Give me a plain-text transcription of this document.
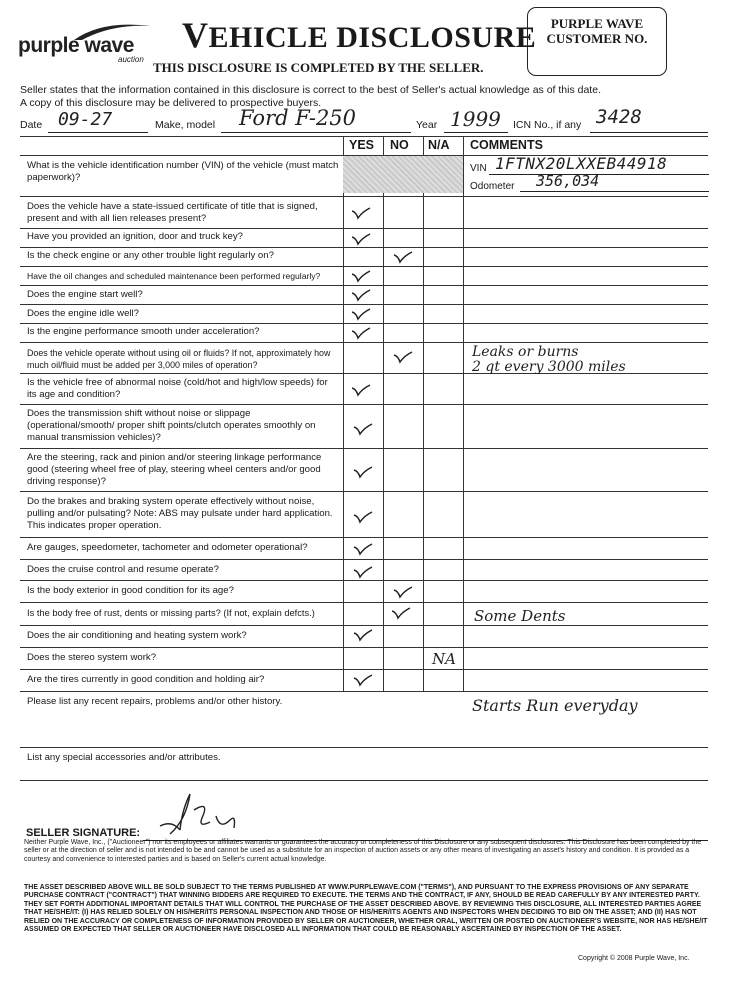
purple wave
auction
VEHICLE DISCLOSURE
THIS DISCLOSURE IS COMPLETED BY THE SELLER.
PURPLE WAVE
CUSTOMER NO.
Seller states that the information contained in this disclosure is correct to the best of Seller's actual knowledge as of this date.
A copy of this disclosure may be delivered to prospective buyers.
Date 09-27	Make, model Ford F-250	Year 1999 ICN No., if any 3428
YES NO N/A COMMENTS
VIN 1FTNX20LXXEB44918
Odometer 356,034
What is the vehicle identification number (VIN) of the vehicle (must match paperwork)?
Does the vehicle have a state-issued certificate of title that is signed, present and with all lien releases present?
Have you provided an ignition, door and truck key?
Is the check engine or any other trouble light regularly on?
Have the oil changes and scheduled maintenance been performed regularly?
Does the engine start well?
Does the engine idle well?
Is the engine performance smooth under acceleration?
Does the vehicle operate without using oil or fluids? If not, approximately how much oil/fluid must be added per 3,000 miles of operation?
Is the vehicle free of abnormal noise (cold/hot and high/low speeds) for its age and condition?
Does the transmission shift without noise or slippage (operational/smooth/ proper shift points/clutch operates smoothly on manual transmission vehicles)?
Are the steering, rack and pinion and/or steering linkage performance good (steering wheel free of play, steering wheel centers and/or good driving response)?
Do the brakes and braking system operate effectively without noise, pulling and/or pulsating? Note: ABS may pulsate under hard application. This indicates proper operation.
Are gauges, speedometer, tachometer and odometer operational?
Does the cruise control and resume operate?
Is the body exterior in good condition for its age?
Is the body free of rust, dents or missing parts? (If not, explain defcts.)
Does the air conditioning and heating system work?
Does the stereo system work?
Are the tires currently in good condition and holding air?
Please list any recent repairs, problems and/or other history.
List any special accessories and/or attributes.
Leaks or burns
2 qt every 3000 miles
Some Dents
Starts Run everyday
NA
SELLER SIGNATURE:
Neither Purple Wave, Inc., ("Auctioneer") nor its employees or affiliates warrants or guarantees the accuracy or completeness of this Disclosure or any subsequent disclosures. This Disclosure has been completed by the seller or at the direction of seller and is not intended to be and cannot be used as a substitute for an inspection of auction assets or any other means of investigating an asset's history and condition. It is provided as a courtesy and convenience to interested parties and is based on Seller's current actual knowledge.
THE ASSET DESCRIBED ABOVE WILL BE SOLD SUBJECT TO THE TERMS PUBLISHED AT WWW.PURPLEWAVE.COM ("TERMS"), AND PURSUANT TO THE EXPRESS PROVISIONS OF ANY SEPARATE PURCHASE CONTRACT ("CONTRACT") THAT WINNING BIDDERS ARE REQUIRED TO EXECUTE. THE TERMS AND THE CONTRACT, IF ANY, SHOULD BE READ CAREFULLY BY ANY INTERESTED PARTY. THEY SET FORTH ADDITIONAL IMPORTANT DETAILS THAT WILL CONTROL THE PURCHASE OF THE ASSET DESCRIBED ABOVE. BY REVIEWING THIS DISCLOSURE, ALL INTERESTED PARTIES AGREE THAT HE/SHE/IT: (I) HAS RELIED SOLELY ON HIS/HER/ITS PERSONAL INSPECTION AND THOSE OF HIS/HER/ITS AGENTS AND INSPECTORS WHEN DECIDING TO BID ON THE ASSET; AND (II) HAS NOT RELIED ON THE ACCURACY OR COMPLETENESS OF INFORMATION PROVIDED BY SELLER OR AUCTIONEER, WHETHER ORAL, WRITTEN OR POSTED ON AUCTIONEER'S WEBSITE, NOR HAS HE/SHE/IT ASSUMED OR EXPECTED THAT SELLER OR AUCTIONEER HAVE DISCLOSED ALL INFORMATION THAT COULD BE REASONABLY ASCERTAINED BY INSPECTION OF THE ASSET.
Copyright © 2008 Purple Wave, Inc.
